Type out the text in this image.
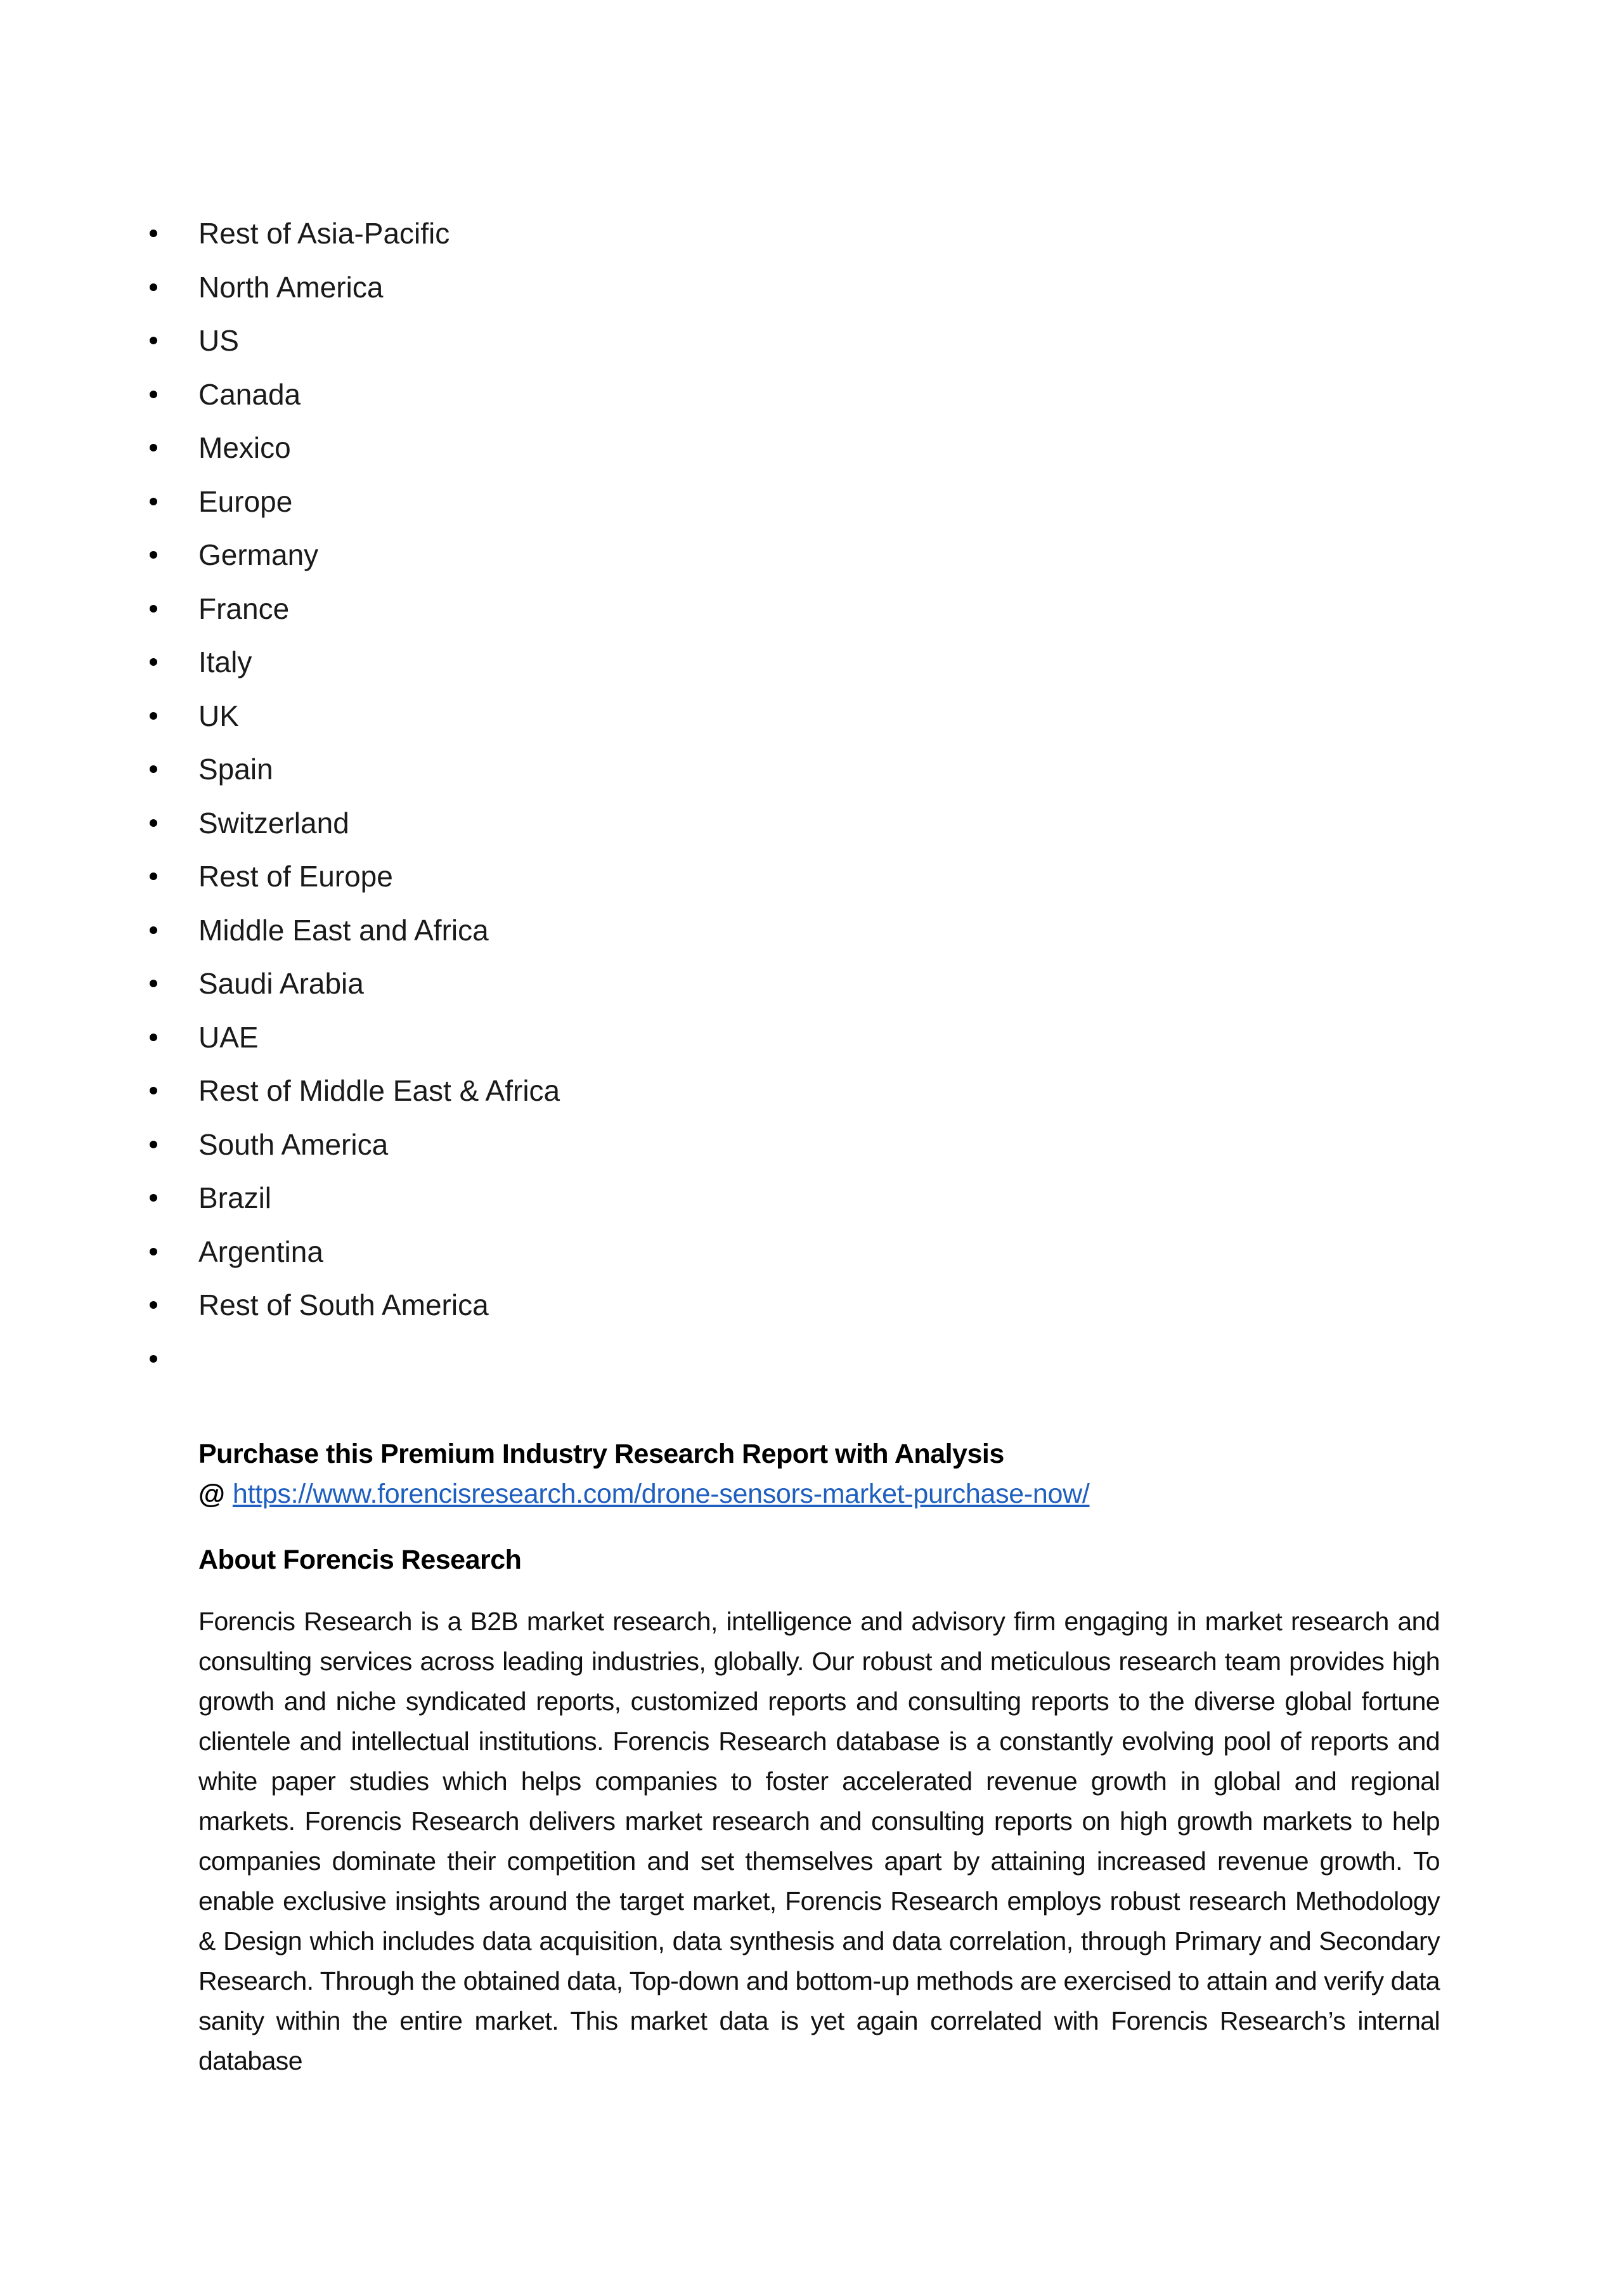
Rest of Asia-Pacific
North America
US
Canada
Mexico
Europe
Germany
France
Italy
UK
Spain
Switzerland
Rest of Europe
Middle East and Africa
Saudi Arabia
UAE
Rest of Middle East & Africa
South America
Brazil
Argentina
Rest of South America

Purchase this Premium Industry Research Report with Analysis

@ https://www.forencisresearch.com/drone-sensors-market-purchase-now/

About Forencis Research

Forencis Research is a B2B market research, intelligence and advisory firm engaging in market research and consulting services across leading industries, globally. Our robust and meticulous research team provides high growth and niche syndicated reports, customized reports and consulting reports to the diverse global fortune clientele and intellectual institutions. Forencis Research database is a constantly evolving pool of reports and white paper studies which helps companies to foster accelerated revenue growth in global and regional markets. Forencis Research delivers market research and consulting reports on high growth markets to help companies dominate their competition and set themselves apart by attaining increased revenue growth. To enable exclusive insights around the target market, Forencis Research employs robust research Methodology & Design which includes data acquisition, data synthesis and data correlation, through Primary and Secondary Research. Through the obtained data, Top-down and bottom-up methods are exercised to attain and verify data sanity within the entire market. This market data is yet again correlated with Forencis Research’s internal database
